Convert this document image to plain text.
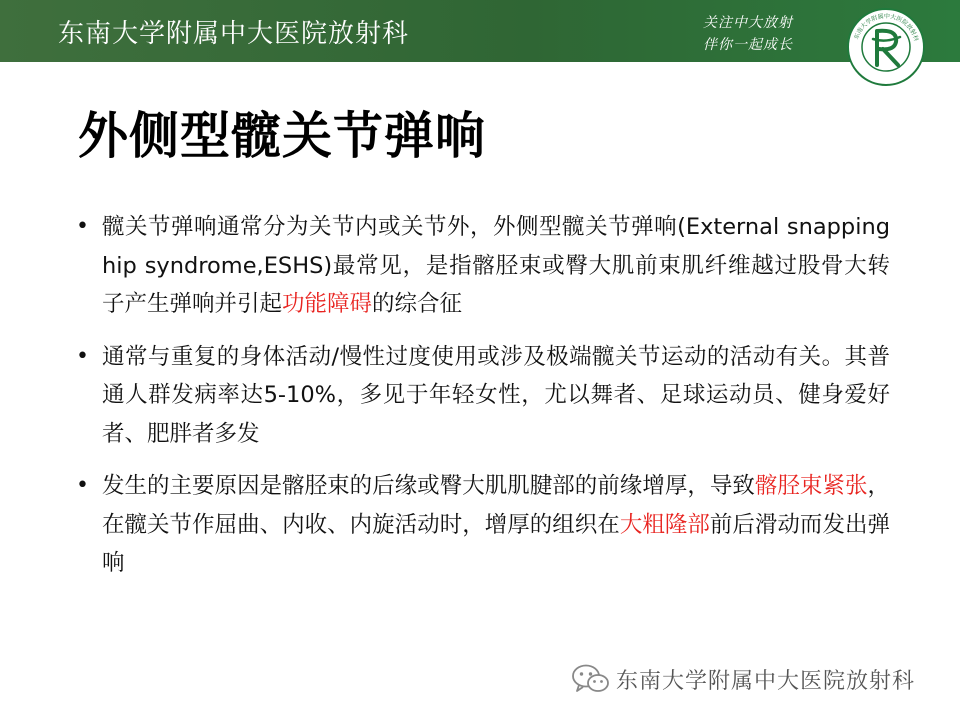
东南大学附属中大医院放射科	关注中大放射
伴你一起成长
东南大学附属中大医院放射科
外侧型髋关节弹响
• 髋关节弹响通常分为关节内或关节外，外侧型髋关节弹响(External snapping hip syndrome,ESHS)最常见，是指髂胫束或臀大肌前束肌纤维越过股骨大转子产生弹响并引起功能障碍的综合征
• 通常与重复的身体活动/慢性过度使用或涉及极端髋关节运动的活动有关。其普通人群发病率达5-10%，多见于年轻女性，尤以舞者、足球运动员、健身爱好者、肥胖者多发
• 发生的主要原因是髂胫束的后缘或臀大肌肌腱部的前缘增厚，导致髂胫束紧张，在髋关节作屈曲、内收、内旋活动时，增厚的组织在大粗隆部前后滑动而发出弹响
东南大学附属中大医院放射科
